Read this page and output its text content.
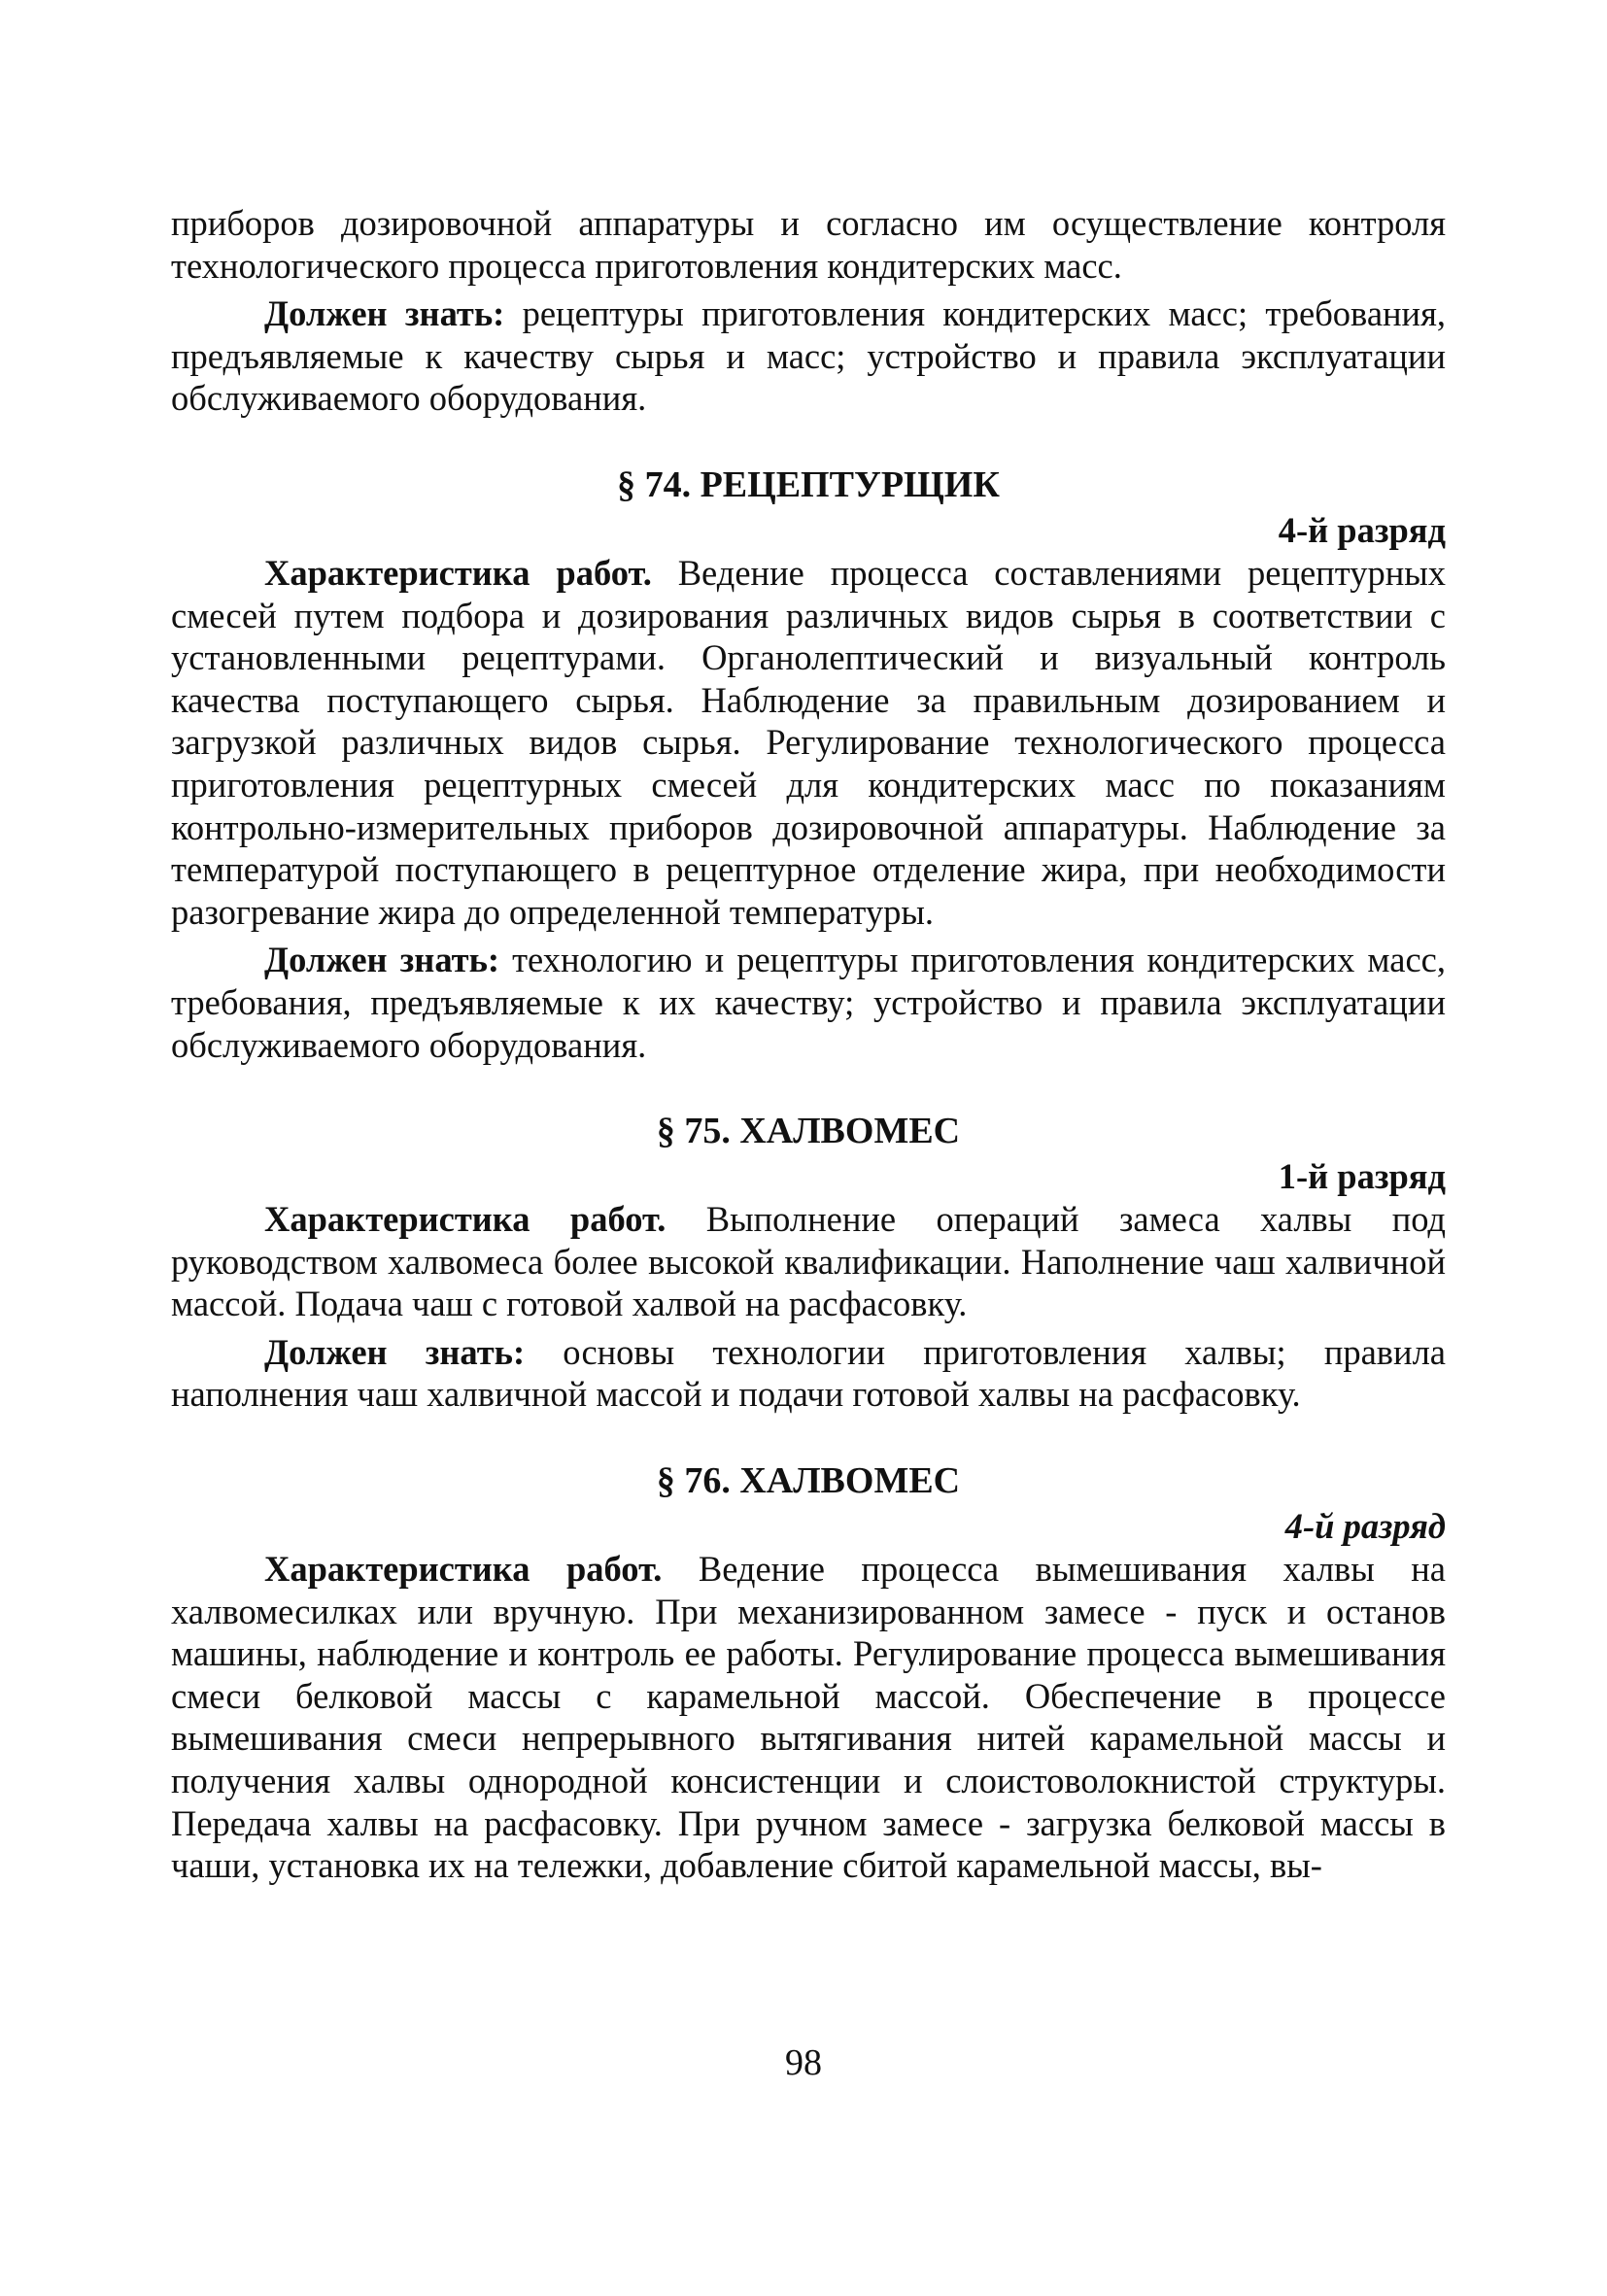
приборов дозировочной аппаратуры и согласно им осуществление контроля технологического процесса приготовления кондитерских масс.

Должен знать: рецептуры приготовления кондитерских масс; требования, предъявляемые к качеству сырья и масс; устройство и правила эксплуатации обслуживаемого оборудования.

§ 74. РЕЦЕПТУРЩИК

4-й разряд

Характеристика работ. Ведение процесса составлениями рецептурных смесей путем подбора и дозирования различных видов сырья в соответствии с установленными рецептурами. Органолептический и визуальный контроль качества поступающего сырья. Наблюдение за правильным дозированием и загрузкой различных видов сырья. Регулирование технологического процесса приготовления рецептурных смесей для кондитерских масс по показаниям контрольно-измерительных приборов дозировочной аппаратуры. Наблюдение за температурой поступающего в рецептурное отделение жира, при необходимости разогревание жира до определенной температуры.

Должен знать: технологию и рецептуры приготовления кондитерских масс, требования, предъявляемые к их качеству; устройство и правила эксплуатации обслуживаемого оборудования.

§ 75. ХАЛВОМЕС

1-й разряд

Характеристика работ. Выполнение операций замеса халвы под руководством халвомеса более высокой квалификации. Наполнение чаш халвичной массой. Подача чаш с готовой халвой на расфасовку.

Должен знать: основы технологии приготовления халвы; правила наполнения чаш халвичной массой и подачи готовой халвы на расфасовку.

§ 76. ХАЛВОМЕС

4-й разряд

Характеристика работ. Ведение процесса вымешивания халвы на халвомесилках или вручную. При механизированном замесе - пуск и останов машины, наблюдение и контроль ее работы. Регулирование процесса вымешивания смеси белковой массы с карамельной массой. Обеспечение в процессе вымешивания смеси непрерывного вытягивания нитей карамельной массы и получения халвы однородной консистенции и слоистоволокнистой структуры. Передача халвы на расфасовку. При ручном замесе - загрузка белковой массы в чаши, установка их на тележки, добавление сбитой карамельной массы, вы-

98
